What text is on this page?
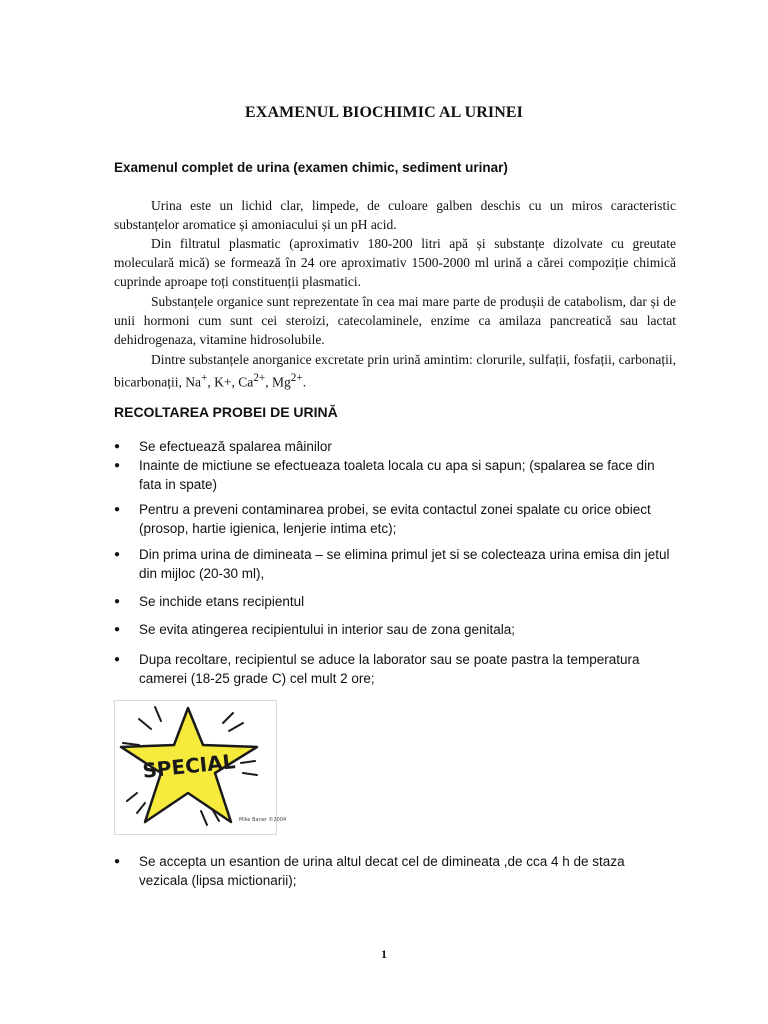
EXAMENUL BIOCHIMIC AL URINEI
Examenul complet de urina (examen chimic, sediment urinar)

Urina este un lichid clar, limpede, de culoare galben deschis cu un miros caracteristic substanțelor aromatice și amoniacului și un pH acid.

Din filtratul plasmatic (aproximativ 180-200 litri apă și substanțe dizolvate cu greutate moleculară mică) se formează în 24 ore aproximativ 1500-2000 ml urină a cărei compoziție chimică cuprinde aproape toți constituenții plasmatici.

Substanțele organice sunt reprezentate în cea mai mare parte de produșii de catabolism, dar și de unii hormoni cum sunt cei steroizi, catecolaminele, enzime ca amilaza pancreatică sau lactat dehidrogenaza, vitamine hidrosolubile.

Dintre substanțele anorganice excretate prin urină amintim: clorurile, sulfații, fosfații, carbonații, bicarbonații, Na+, K+, $Ca^{2+}$, $Mg^{2+}$.

RECOLTAREA PROBEI DE URINĂ
●	Se efectuează spalarea mâinilor
●	Inainte de mictiune se efectueaza toaleta locala cu apa si sapun; (spalarea se face din fata in spate)
●	Pentru a preveni contaminarea probei, se evita contactul zonei spalate cu orice obiect (prosop, hartie igienica, lenjerie intima etc);
●	Din prima urina de dimineata – se elimina primul jet si se colecteaza urina emisa din jetul din mijloc (20-30 ml),
●	Se inchide etans recipientul
●	Se evita atingerea recipientului in interior sau de zona genitala;
●	Dupa recoltare, recipientul se aduce la laborator sau se poate pastra la temperatura camerei (18-25 grade C) cel mult 2 ore;
SPECIAL
Mike Baner ©2004
●	Se accepta un esantion de urina altul decat cel de dimineata ,de cca 4 h de staza vezicala (lipsa mictionarii);
1
